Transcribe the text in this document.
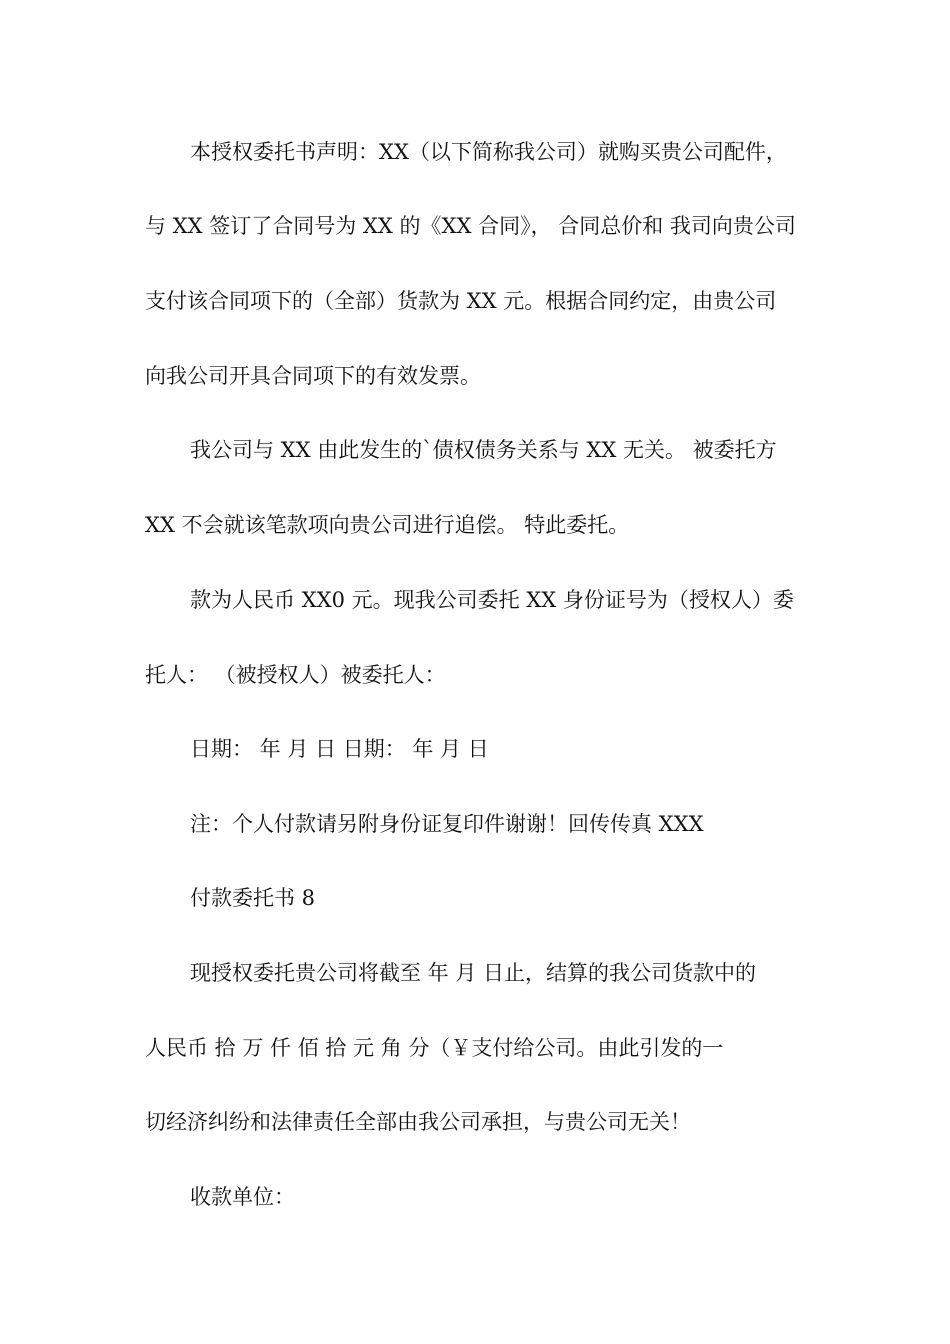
本授权委托书声明：XX（以下简称我公司）就购买贵公司配件，
与 XX 签订了合同号为 XX 的《XX 合同》， 合同总价和 我司向贵公司
支付该合同项下的（全部）货款为 XX 元。根据合同约定，由贵公司
向我公司开具合同项下的有效发票。
我公司与 XX 由此发生的`债权债务关系与 XX 无关。 被委托方
XX 不会就该笔款项向贵公司进行追偿。 特此委托。
款为人民币 XX0 元。现我公司委托 XX 身份证号为（授权人）委
托人： （被授权人）被委托人：
日期： 年 月 日 日期： 年 月 日
注：个人付款请另附身份证复印件谢谢！回传传真 XXX
付款委托书 8
现授权委托贵公司将截至 年 月 日止，结算的我公司货款中的
人民币 拾 万 仟 佰 拾 元 角 分（￥支付给公司。由此引发的一
切经济纠纷和法律责任全部由我公司承担，与贵公司无关！
收款单位：
